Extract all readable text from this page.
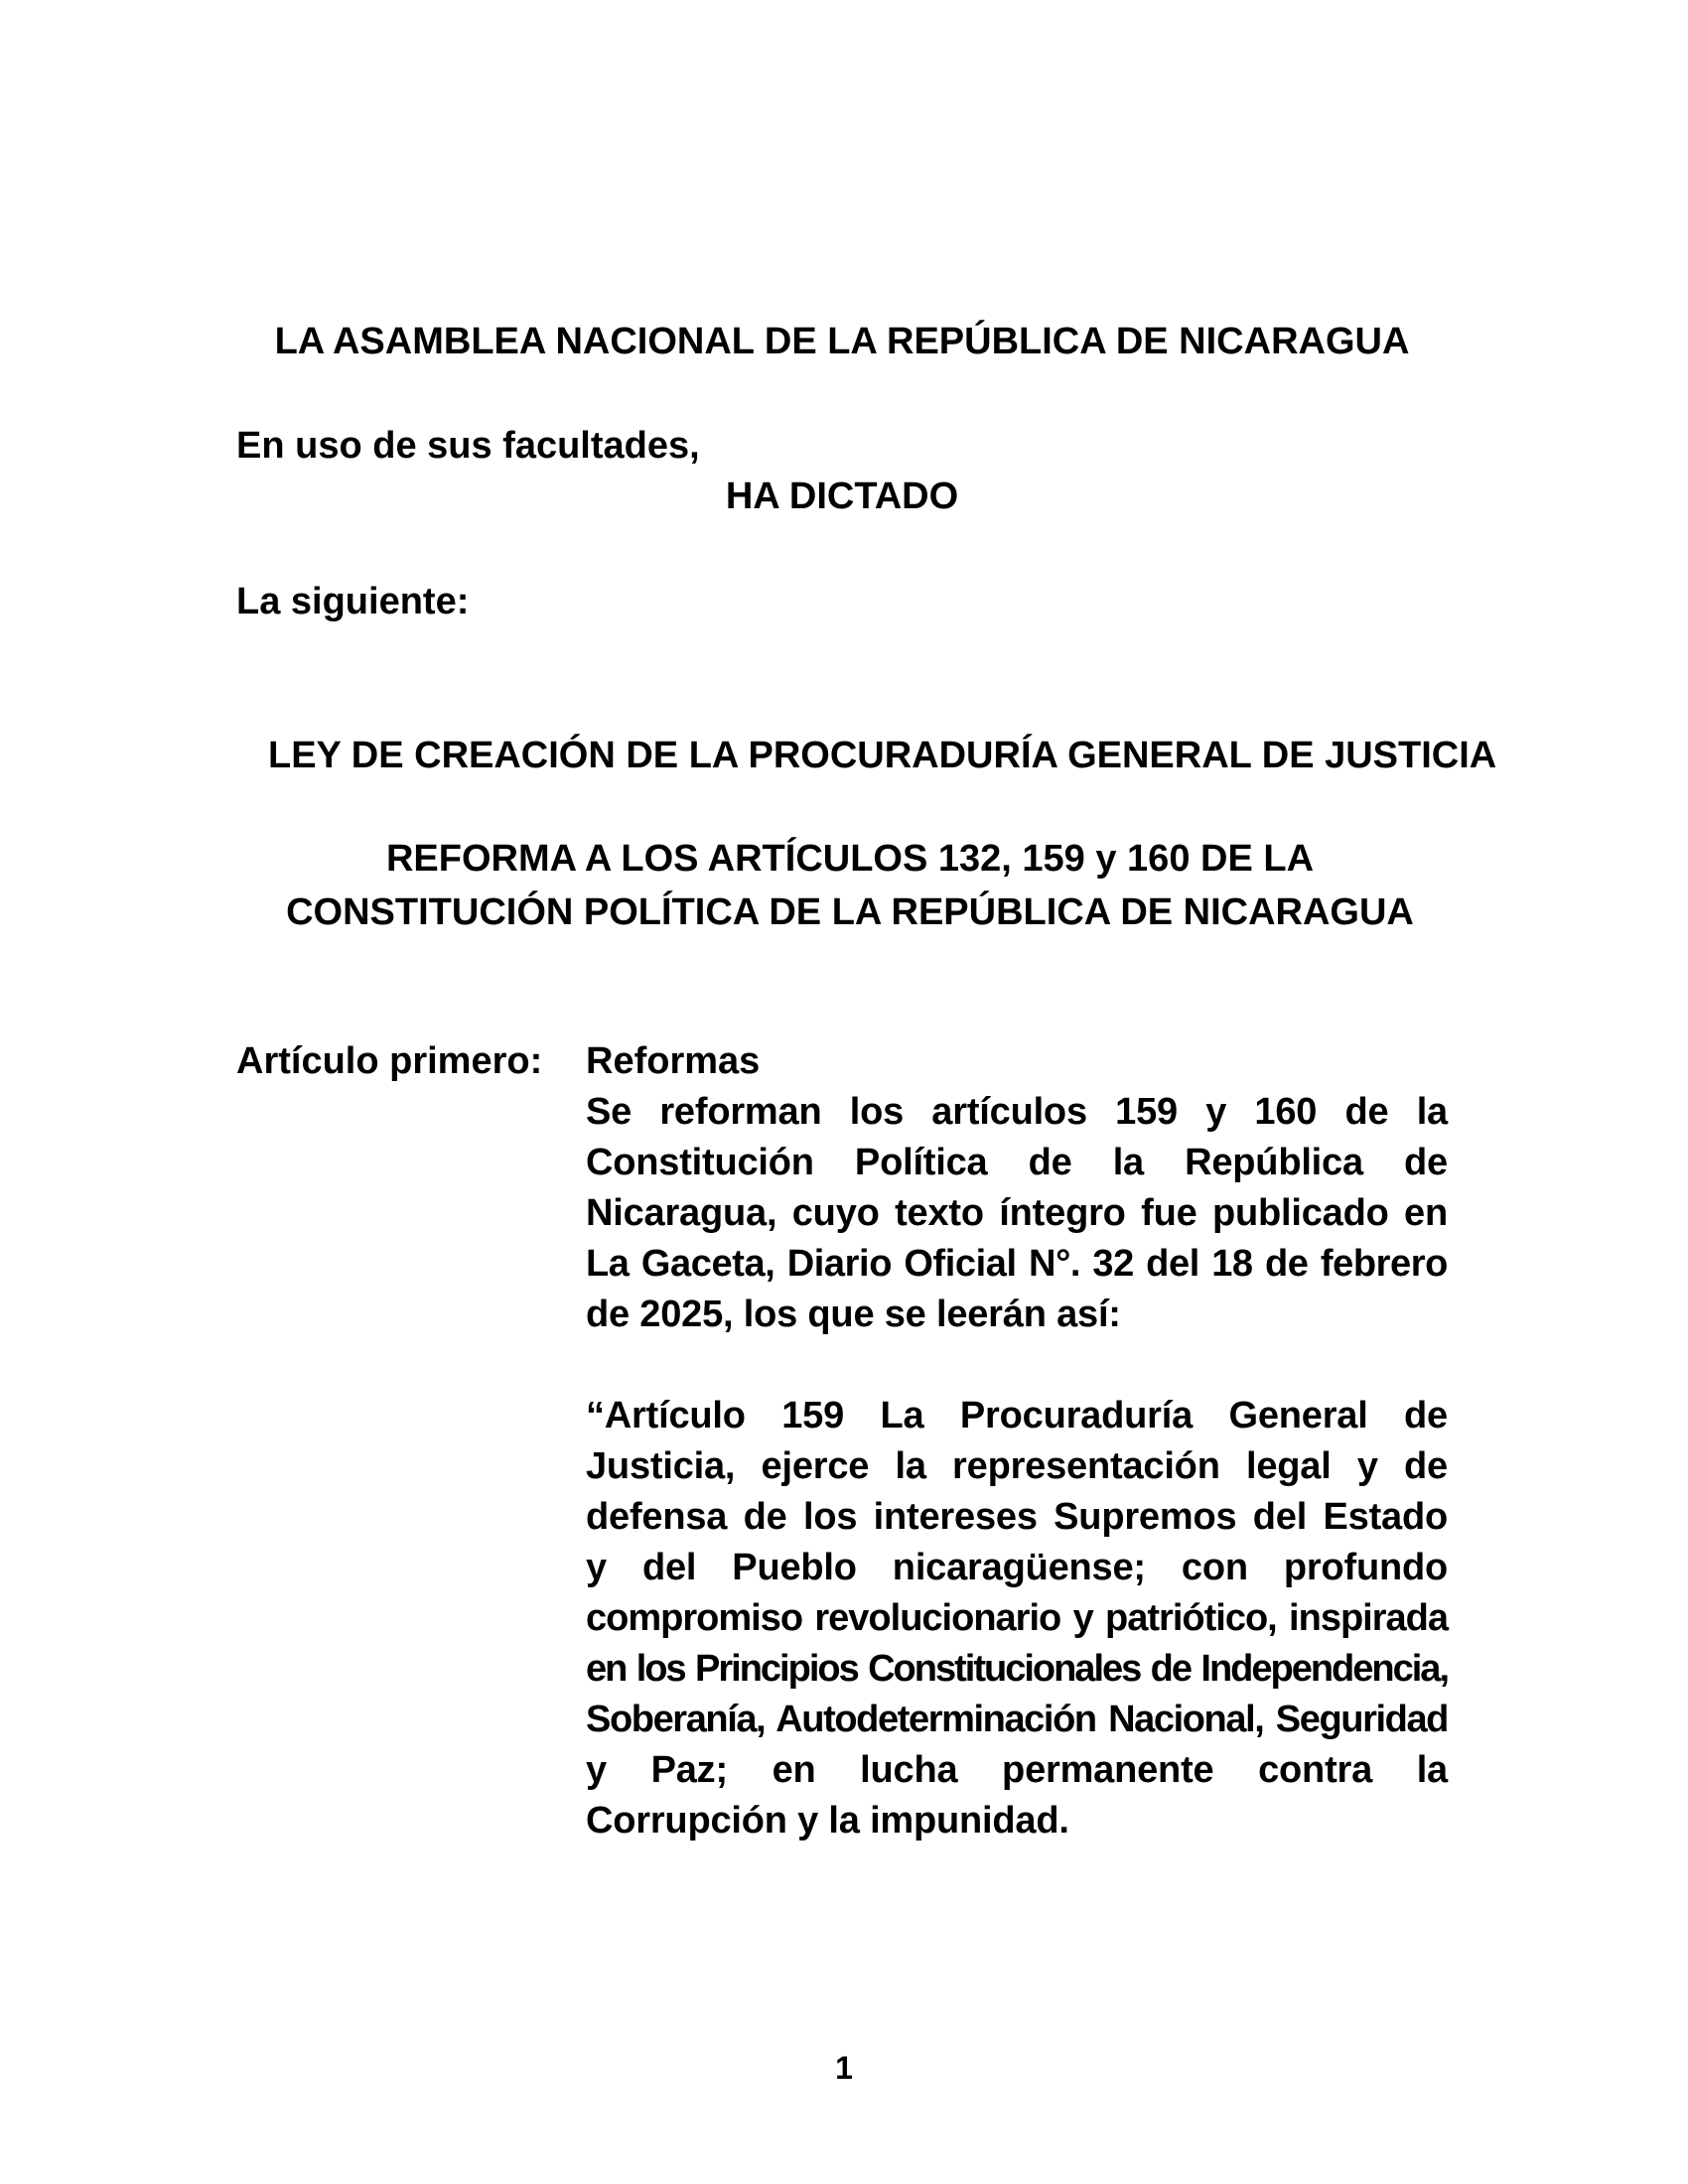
LA ASAMBLEA NACIONAL DE LA REPÚBLICA DE NICARAGUA
En uso de sus facultades,
HA DICTADO
La siguiente:
LEY DE CREACIÓN DE LA PROCURADURÍA GENERAL DE JUSTICIA
REFORMA A LOS ARTÍCULOS 132, 159 y 160 DE LA
CONSTITUCIÓN POLÍTICA DE LA REPÚBLICA DE NICARAGUA
Artículo primero:	Reformas
Se reforman los artículos 159 y 160 de la
Constitución Política de la República de
Nicaragua, cuyo texto íntegro fue publicado en
La Gaceta, Diario Oficial N°. 32 del 18 de febrero
de 2025, los que se leerán así:
“Artículo 159 La Procuraduría General de
Justicia, ejerce la representación legal y de
defensa de los intereses Supremos del Estado
y del Pueblo nicaragüense; con profundo
compromiso revolucionario y patriótico, inspirada
en los Principios Constitucionales de Independencia,
Soberanía, Autodeterminación Nacional, Seguridad
y Paz; en lucha permanente contra la
Corrupción y la impunidad.
1
